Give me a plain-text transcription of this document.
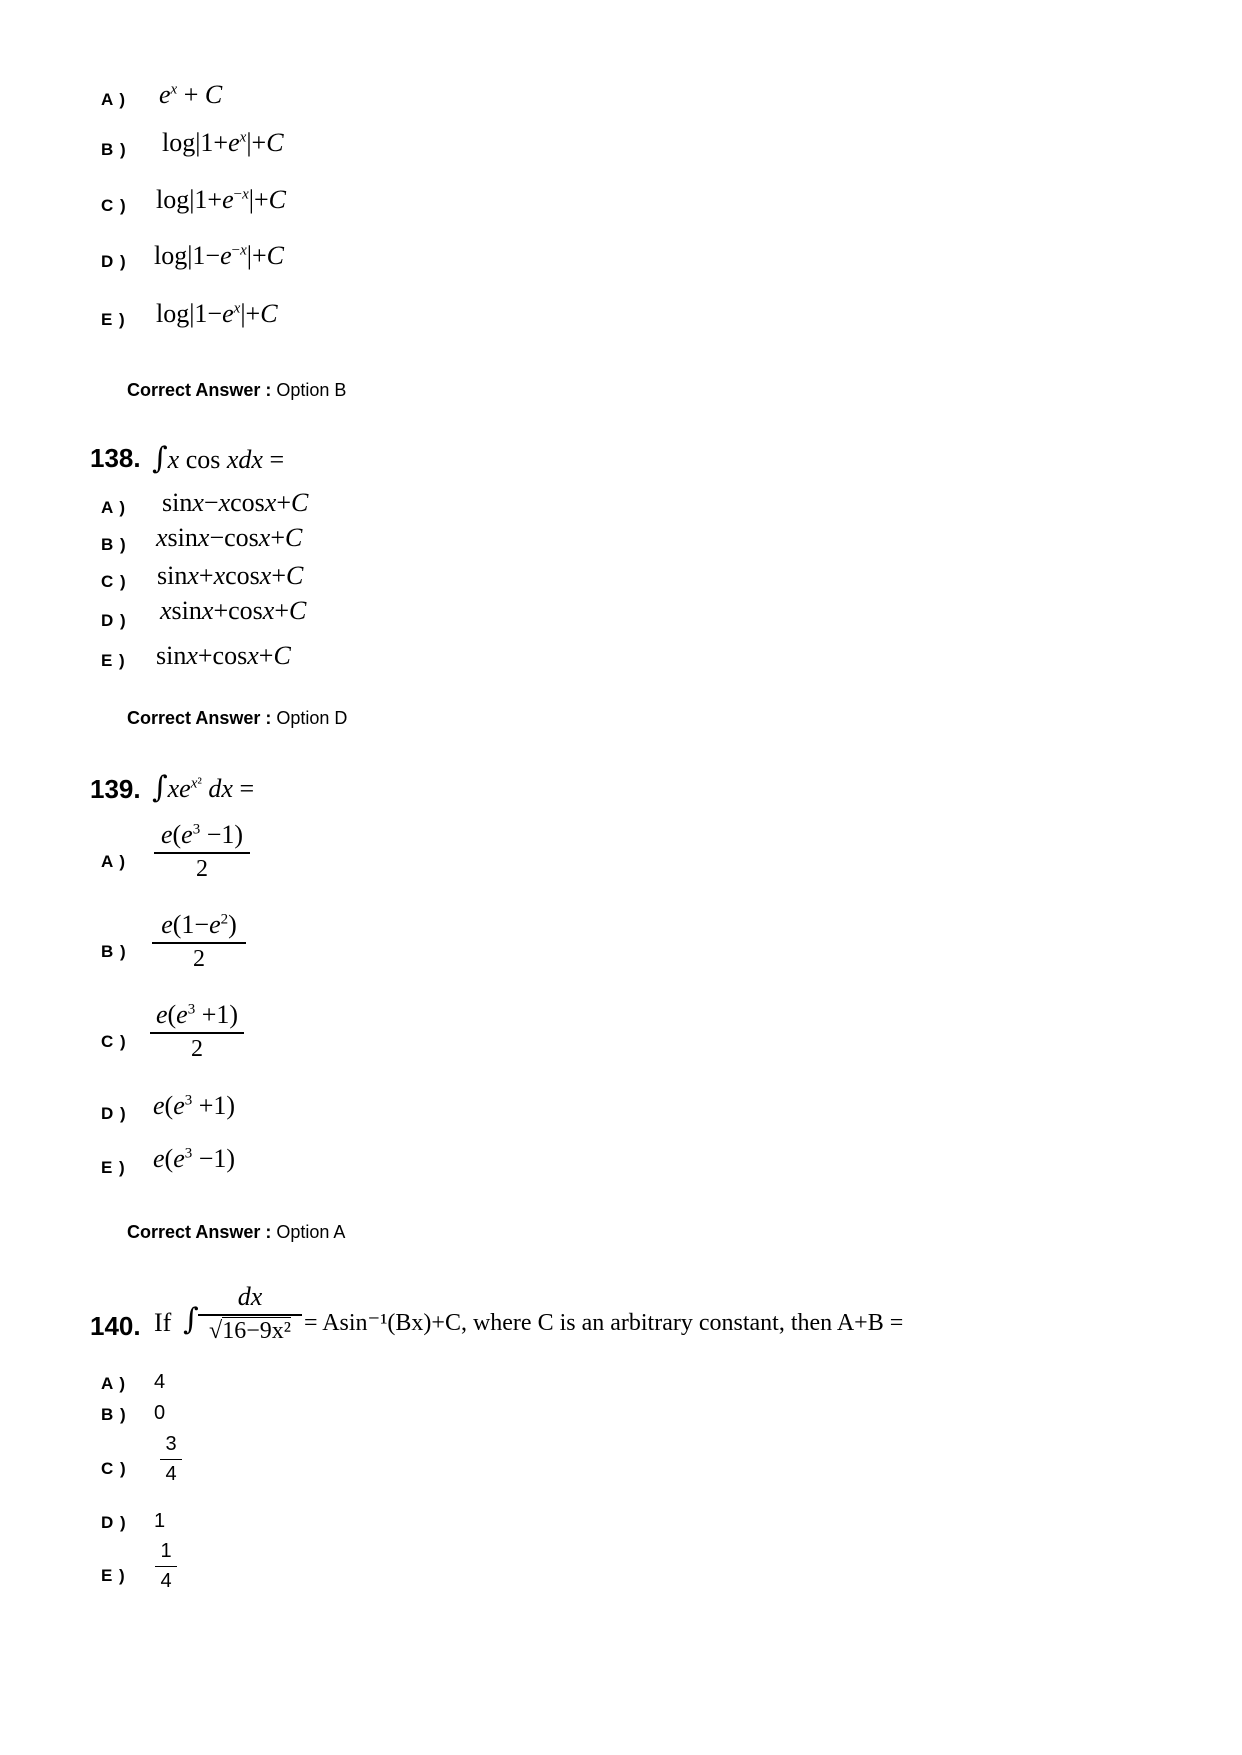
A ) $e^x + C$
B ) $\log|1+e^x|+C$
C ) $\log|1+e^{-x}|+C$
D ) $\log|1-e^{-x}|+C$
E ) $\log|1-e^x|+C$
Correct Answer : Option B
138. ∫x cos xdx =
A ) sinx−xcosx+C
B ) xsinx−cosx+C
C ) sinx+xcosx+C
D ) xsinx+cosx+C
E ) sinx+cosx+C
Correct Answer : Option D
139. $\int xe^{x^2}$ dx =
A )
$e(e^3 -1)$
2
B )
$e(1-e^2)$
2
C )
$e(e^3 +1)$
2
D ) $e(e^3 +1)$
E ) $e(e^3 -1)$
Correct Answer : Option A
140. If ∫
dx
√16−9x² = Asin⁻¹(Bx)+C, where C is an arbitrary constant, then A+B =
A ) 4
B ) 0
C )
3
4
D ) 1
E )
1
4
